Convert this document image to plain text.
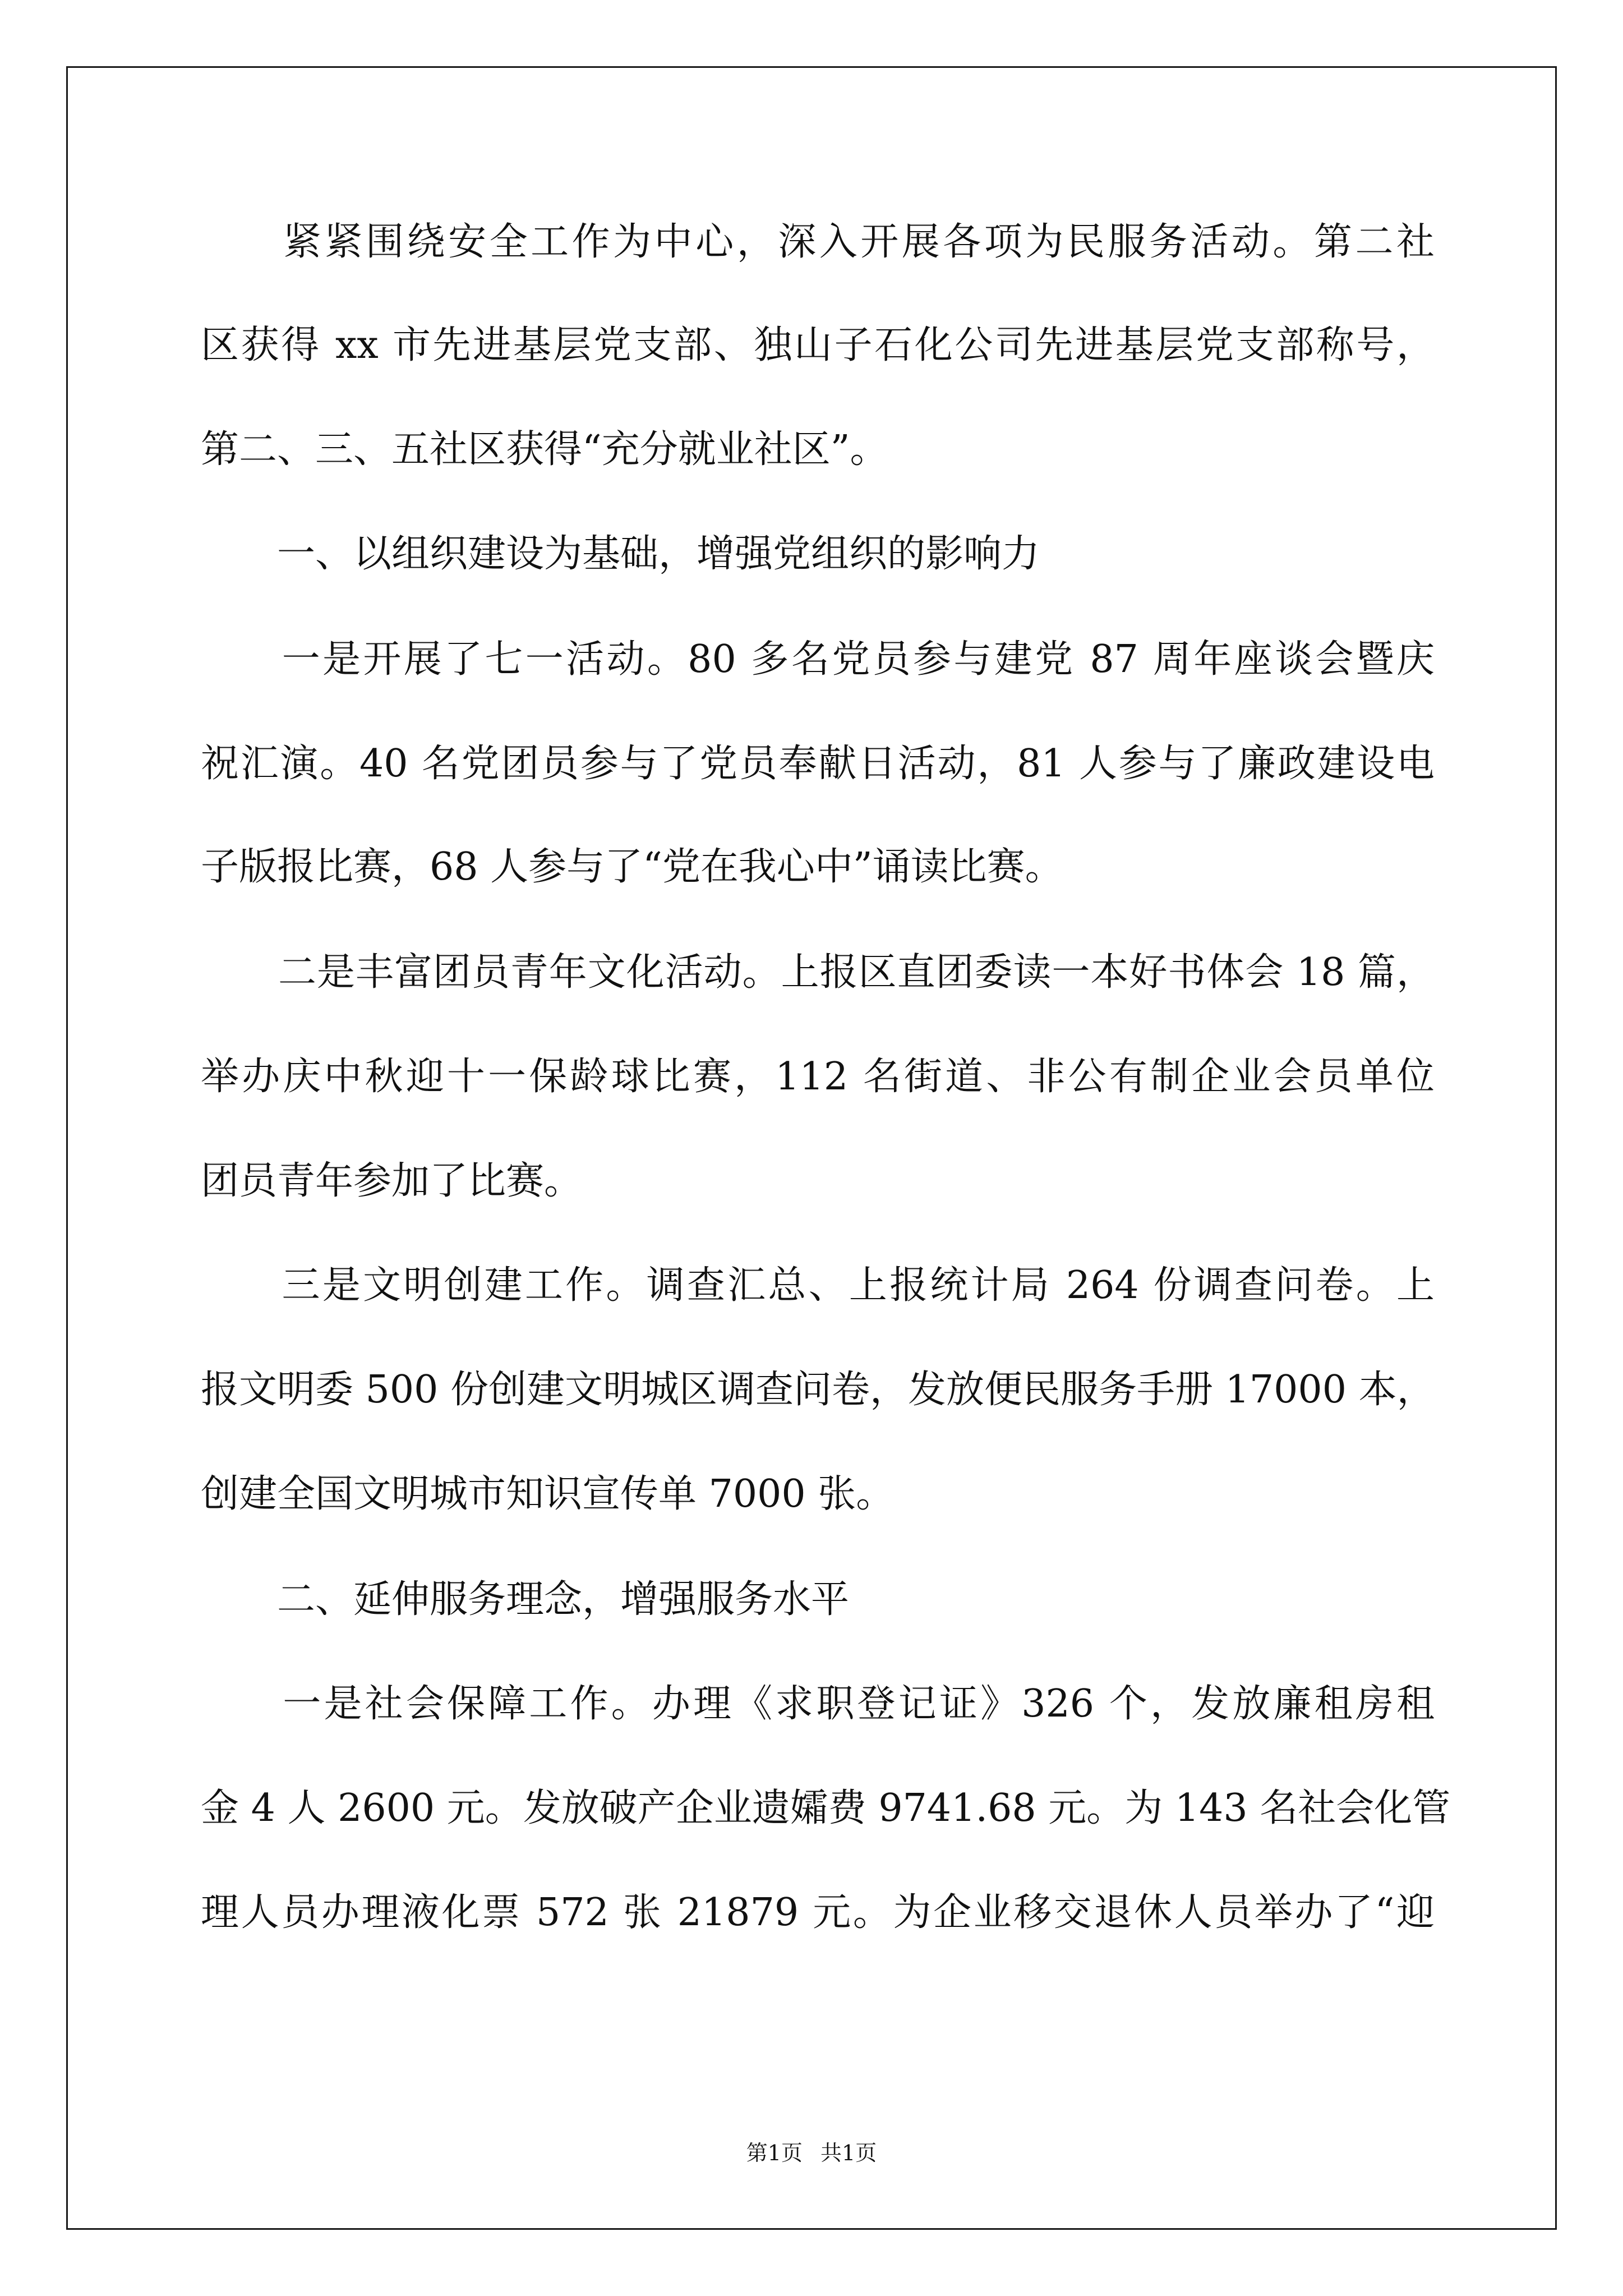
　　紧紧围绕安全工作为中心，深入开展各项为民服务活动。第二社
区获得 xx 市先进基层党支部、独山子石化公司先进基层党支部称号，
第二、三、五社区获得“充分就业社区”。
　　一、以组织建设为基础，增强党组织的影响力
　　一是开展了七一活动。80 多名党员参与建党 87 周年座谈会暨庆
祝汇演。40 名党团员参与了党员奉献日活动，81 人参与了廉政建设电
子版报比赛，68 人参与了“党在我心中”诵读比赛。
　　二是丰富团员青年文化活动。上报区直团委读一本好书体会 18 篇，
举办庆中秋迎十一保龄球比赛，112 名街道、非公有制企业会员单位
团员青年参加了比赛。
　　三是文明创建工作。调查汇总、上报统计局 264 份调查问卷。上
报文明委 500 份创建文明城区调查问卷，发放便民服务手册 17000 本，
创建全国文明城市知识宣传单 7000 张。
　　二、延伸服务理念，增强服务水平
　　一是社会保障工作。办理《求职登记证》326 个，发放廉租房租
金 4 人 2600 元。发放破产企业遗孀费 9741.68 元。为 143 名社会化管
理人员办理液化票 572 张 21879 元。为企业移交退休人员举办了“迎
第1页 共1页
